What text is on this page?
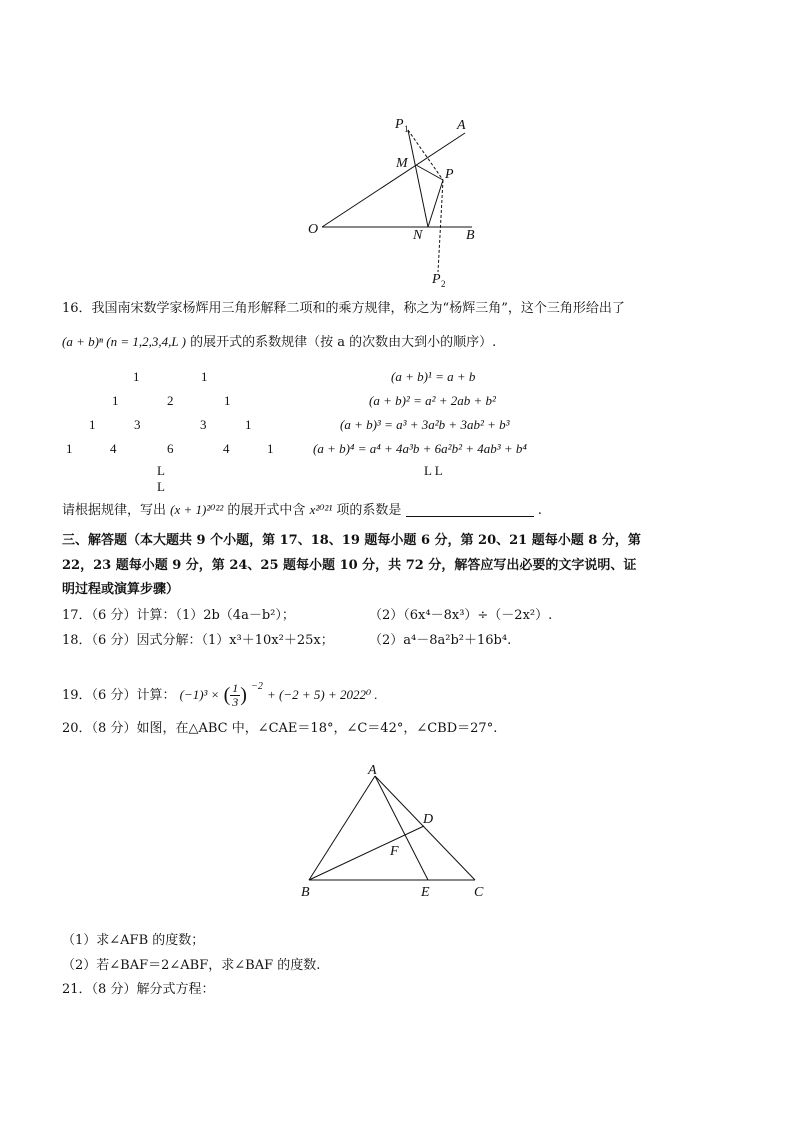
P 1	A
M
P
O	N	B
P 2
16．我国南宋数学家杨辉用三角形解释二项和的乘方规律，称之为“杨辉三角”，这个三角形给出了
(a + b)ⁿ (n = 1,2,3,4,L ) 的展开式的系数规律（按 a 的次数由大到小的顺序）.
1	1
1	2	1
1	3	3	1
1	4	6	4	1
L L
(a + b)¹ = a + b
(a + b)² = a² + 2ab + b²
(a + b)³ = a³ + 3a²b + 3ab² + b³
(a + b)⁴ = a⁴ + 4a³b + 6a²b² + 4ab³ + b⁴
L L
请根据规律，写出 (x + 1)²⁰²² 的展开式中含 x²⁰²¹ 项的系数是	.
三、解答题（本大题共 9 个小题，第 17、18、19 题每小题 6 分，第 20、21 题每小题 8 分，第
22，23 题每小题 9 分，第 24、25 题每小题 10 分，共 72 分，解答应写出必要的文字说明、证
明过程或演算步骤）
17．（6 分）计算：（1）2b（4a－b²）；	（2）（6x⁴－8x³）÷（－2x²）.
18．（6 分）因式分解：（1）x³＋10x²＋25x；	（2）a⁴－8a²b²＋16b⁴.
19．（6 分）计算： (−1)³ × ( $\frac{1}{3}$ ) $^{-2}$ + (−2 + 5) + 2022⁰ .
20．（8 分）如图，在△ABC 中，∠CAE＝18°，∠C＝42°，∠CBD＝27°.
A
D
F
B	E	C
（1）求∠AFB 的度数；
（2）若∠BAF＝2∠ABF，求∠BAF 的度数.
21．（8 分）解分式方程：
